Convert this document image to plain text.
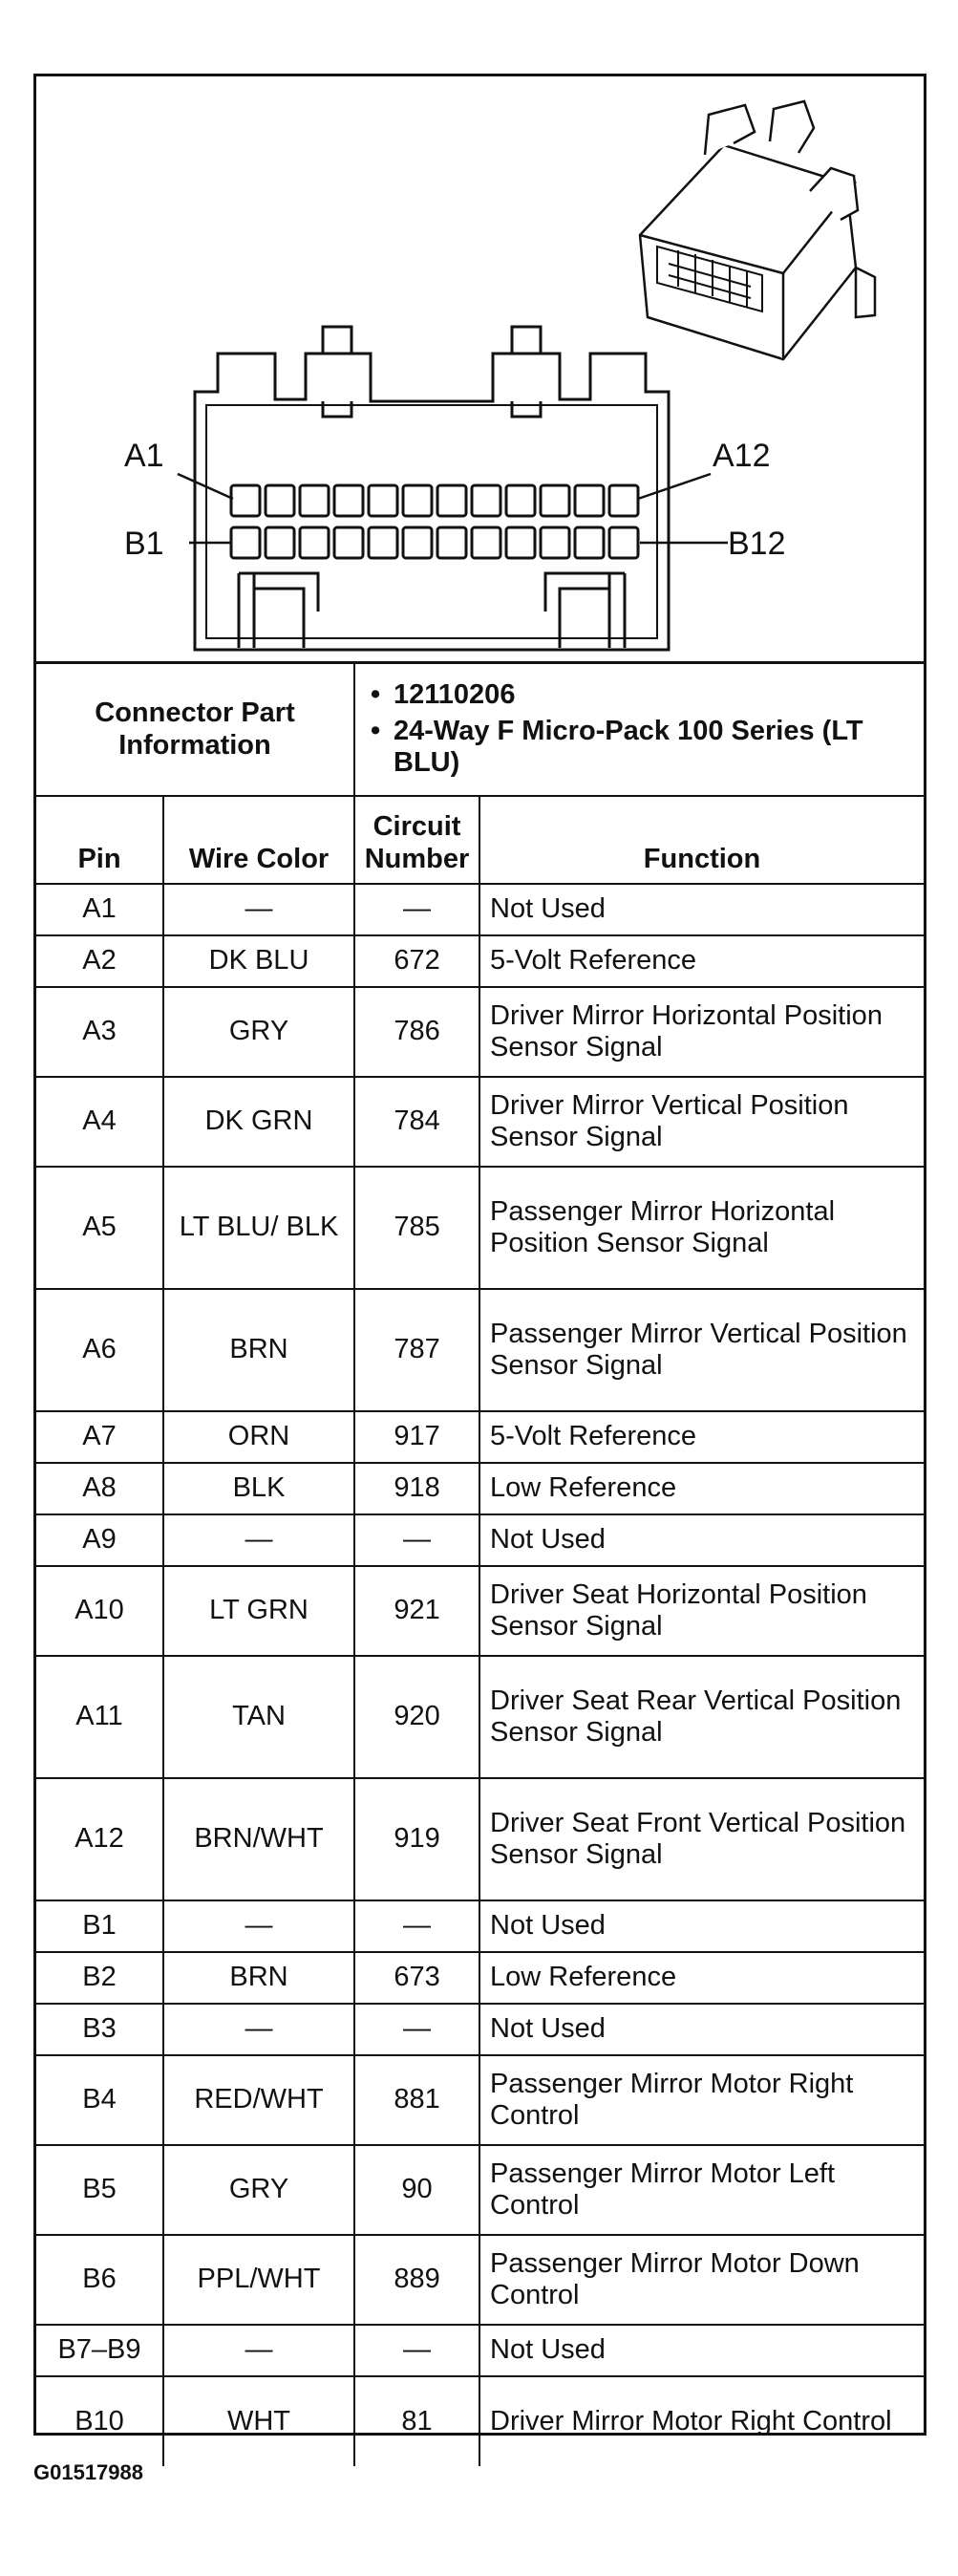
A1	A12
B1	B12
Connector Part Information		• 12110206
• 24-Way F Micro-Pack 100 Series (LT BLU)

Pin	Wire Color	Circuit Number	Function
A1	—	—	Not Used
A2	DK BLU	672	5-Volt Reference
A3	GRY	786	Driver Mirror Horizontal Position Sensor Signal
A4	DK GRN	784	Driver Mirror Vertical Position Sensor Signal
A5	LT BLU/ BLK	785	Passenger Mirror Horizontal Position Sensor Signal
A6	BRN	787	Passenger Mirror Vertical Position Sensor Signal
A7	ORN	917	5-Volt Reference
A8	BLK	918	Low Reference
A9	—	—	Not Used
A10	LT GRN	921	Driver Seat Horizontal Position Sensor Signal
A11	TAN	920	Driver Seat Rear Vertical Position Sensor Signal
A12	BRN/WHT	919	Driver Seat Front Vertical Position Sensor Signal
B1	—	—	Not Used
B2	BRN	673	Low Reference
B3	—	—	Not Used
B4	RED/WHT	881	Passenger Mirror Motor Right Control
B5	GRY	90	Passenger Mirror Motor Left Control
B6	PPL/WHT	889	Passenger Mirror Motor Down Control
B7–B9	—	—	Not Used
B10	WHT	81	Driver Mirror Motor Right Control
G01517988
